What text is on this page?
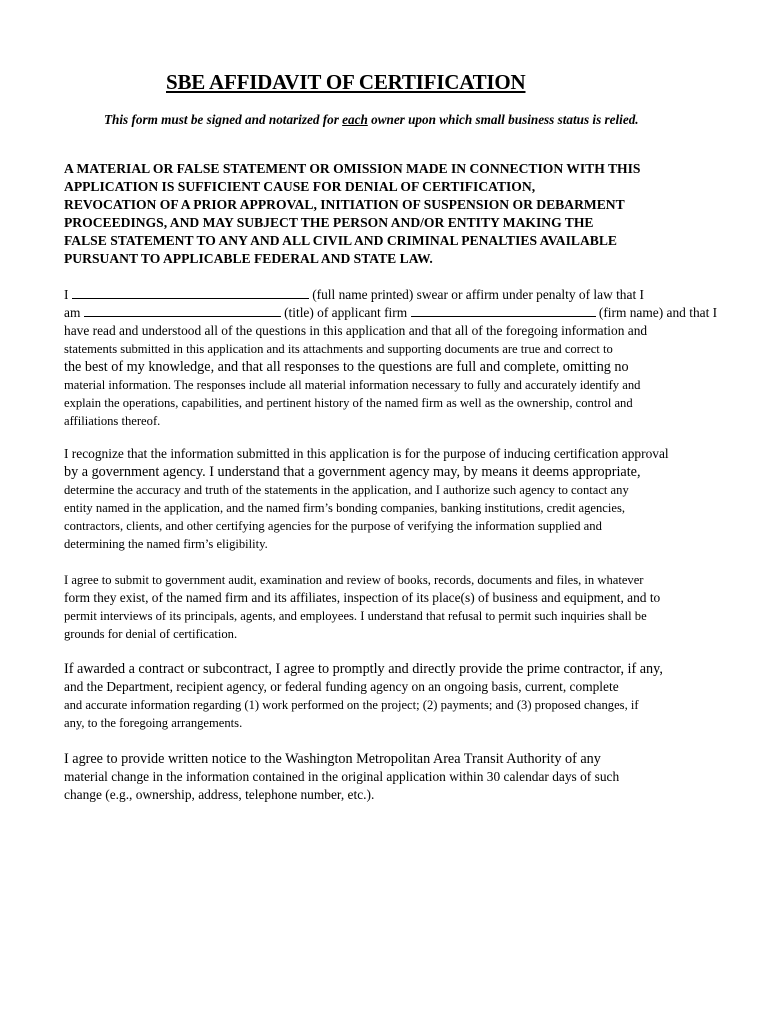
SBE AFFIDAVIT OF CERTIFICATION

This form must be signed and notarized for each owner upon which small business status is relied.

A MATERIAL OR FALSE STATEMENT OR OMISSION MADE IN CONNECTION WITH THIS
APPLICATION IS SUFFICIENT CAUSE FOR DENIAL OF CERTIFICATION,
REVOCATION OF A PRIOR APPROVAL, INITIATION OF SUSPENSION OR DEBARMENT
PROCEEDINGS, AND MAY SUBJECT THE PERSON AND/OR ENTITY MAKING THE
FALSE STATEMENT TO ANY AND ALL CIVIL AND CRIMINAL PENALTIES AVAILABLE
PURSUANT TO APPLICABLE FEDERAL AND STATE LAW.

I	(full name printed) swear or affirm under penalty of law that I
am	(title) of applicant firm	(firm name) and that I
have read and understood all of the questions in this application and that all of the foregoing information and
statements submitted in this application and its attachments and supporting documents are true and correct to
the best of my knowledge, and that all responses to the questions are full and complete, omitting no
material information. The responses include all material information necessary to fully and accurately identify and
explain the operations, capabilities, and pertinent history of the named firm as well as the ownership, control and
affiliations thereof.
I recognize that the information submitted in this application is for the purpose of inducing certification approval
by a government agency. I understand that a government agency may, by means it deems appropriate,
determine the accuracy and truth of the statements in the application, and I authorize such agency to contact any
entity named in the application, and the named firm’s bonding companies, banking institutions, credit agencies,
contractors, clients, and other certifying agencies for the purpose of verifying the information supplied and
determining the named firm’s eligibility.
I agree to submit to government audit, examination and review of books, records, documents and files, in whatever
form they exist, of the named firm and its affiliates, inspection of its place(s) of business and equipment, and to
permit interviews of its principals, agents, and employees. I understand that refusal to permit such inquiries shall be
grounds for denial of certification.
If awarded a contract or subcontract, I agree to promptly and directly provide the prime contractor, if any,
and the Department, recipient agency, or federal funding agency on an ongoing basis, current, complete
and accurate information regarding (1) work performed on the project; (2) payments; and (3) proposed changes, if
any, to the foregoing arrangements.
I agree to provide written notice to the Washington Metropolitan Area Transit Authority of any
material change in the information contained in the original application within 30 calendar days of such
change (e.g., ownership, address, telephone number, etc.).
